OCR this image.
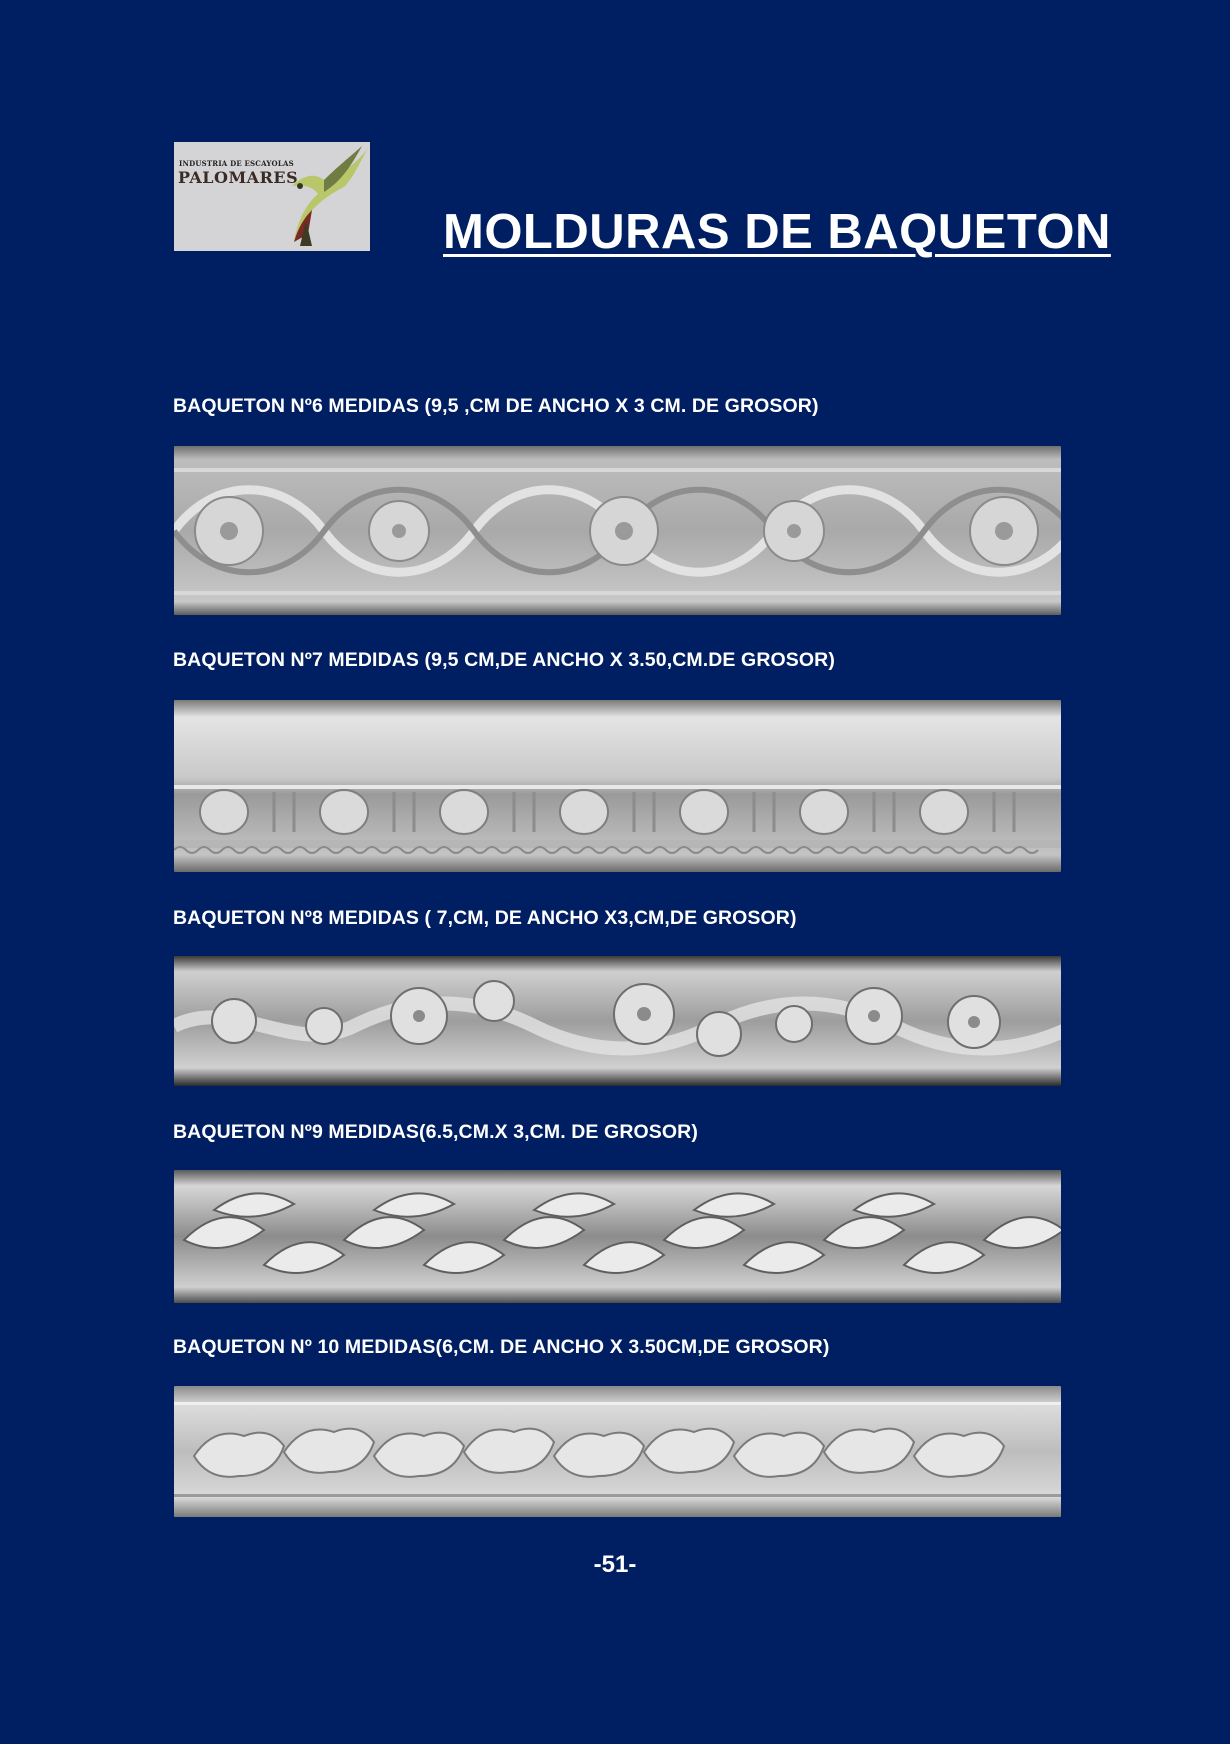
INDUSTRIA DE ESCAYOLAS
PALOMARES
MOLDURAS DE BAQUETON
BAQUETON Nº6 MEDIDAS (9,5 ,CM DE ANCHO X 3 CM. DE GROSOR)
BAQUETON Nº7 MEDIDAS (9,5 CM,DE ANCHO X 3.50,CM.DE GROSOR)
BAQUETON Nº8 MEDIDAS ( 7,CM, DE ANCHO X3,CM,DE GROSOR)
BAQUETON Nº9 MEDIDAS(6.5,CM.X 3,CM. DE GROSOR)
BAQUETON Nº 10 MEDIDAS(6,CM. DE ANCHO X 3.50CM,DE GROSOR)
-51-
